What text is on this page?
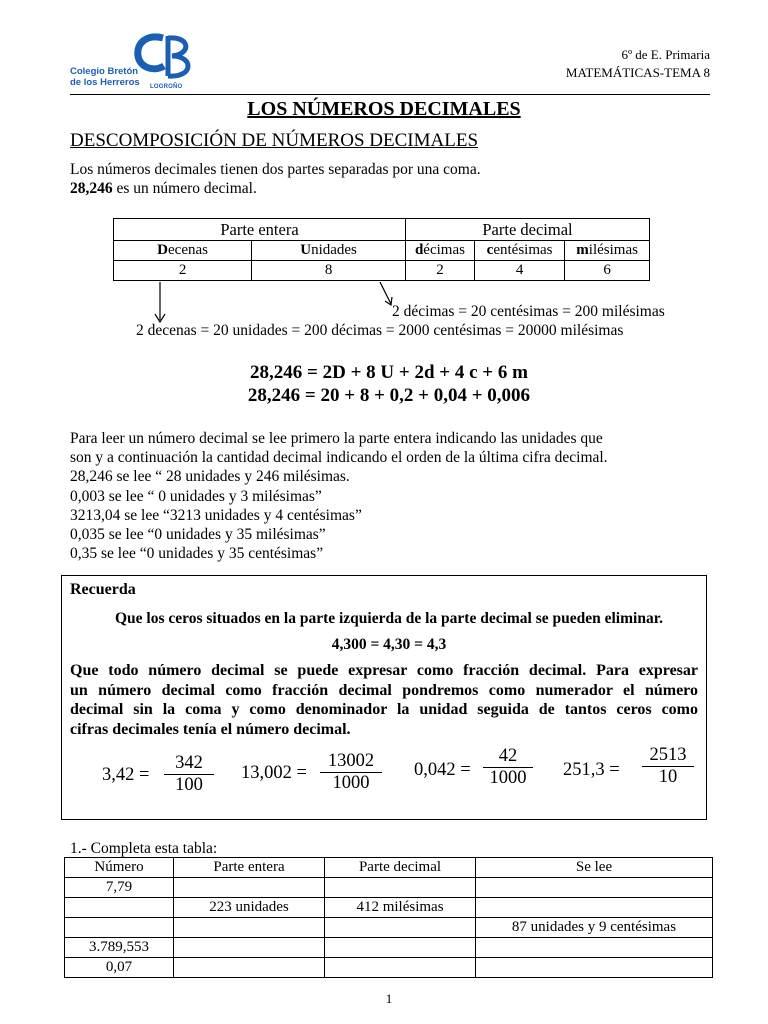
Colegio Bretón
de los Herreros LOGROÑO
6º de E. Primaria
MATEMÁTICAS-TEMA 8
LOS NÚMEROS DECIMALES
DESCOMPOSICIÓN DE NÚMEROS DECIMALES
Los números decimales tienen dos partes separadas por una coma.
28,246 es un número decimal.
Parte entera		Parte decimal		
Decenas	Unidades	décimas	centésimas	milésimas
2	8	2	4	6
2 décimas = 20 centésimas = 200 milésimas
2 decenas = 20 unidades = 200 décimas = 2000 centésimas = 20000 milésimas
28,246 = 2D + 8 U + 2d + 4 c + 6 m
28,246 = 20 + 8 + 0,2 + 0,04 + 0,006
Para leer un número decimal se lee primero la parte entera indicando las unidades que
son y a continuación la cantidad decimal indicando el orden de la última cifra decimal.
28,246 se lee “ 28 unidades y 246 milésimas.
0,003 se lee “ 0 unidades y 3 milésimas”
3213,04 se lee “3213 unidades y 4 centésimas”
0,035 se lee “0 unidades y 35 milésimas”
0,35 se lee “0 unidades y 35 centésimas”
Recuerda
Que los ceros situados en la parte izquierda de la parte decimal se pueden eliminar.
4,300 = 4,30 = 4,3
Que todo número decimal se puede expresar como fracción decimal. Para expresar
un número decimal como fracción decimal pondremos como numerador el número
decimal sin la coma y como denominador la unidad seguida de tantos ceros como
cifras decimales tenía el número decimal.
$3,42 = \frac{342}{100} 13,002 = \frac{13002}{1000} 0,042 = \frac{42}{1000} 251,3 = \frac{2513}{10}$
1.- Completa esta tabla:
Número	Parte entera	Parte decimal	Se lee
7,79			
	223 unidades	412 milésimas	
			87 unidades y 9 centésimas
3.789,553			
0,07			
1
